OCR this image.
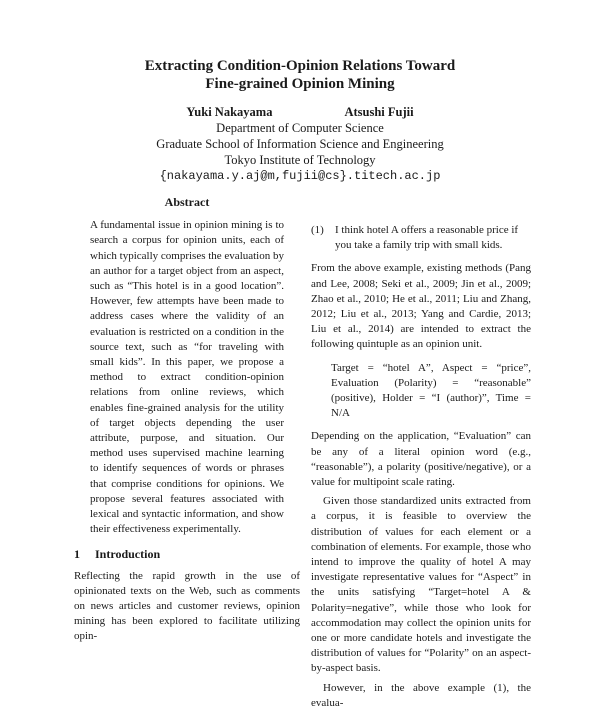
Extracting Condition-Opinion Relations Toward
Fine-grained Opinion Mining
Yuki Nakayama	Atsushi Fujii
Department of Computer Science
Graduate School of Information Science and Engineering
Tokyo Institute of Technology
{nakayama.y.aj@m,fujii@cs}.titech.ac.jp
Abstract

A fundamental issue in opinion mining is to search a corpus for opinion units, each of which typically comprises the evaluation by an author for a target object from an aspect, such as “This hotel is in a good location”. However, few attempts have been made to address cases where the validity of an evaluation is restricted on a condition in the source text, such as “for traveling with small kids”. In this paper, we propose a method to extract condition-opinion relations from online reviews, which enables fine-grained analysis for the utility of target objects depending the user attribute, purpose, and situation. Our method uses supervised machine learning to identify sequences of words or phrases that comprise conditions for opinions. We propose several features associated with lexical and syntactic information, and show their effectiveness experimentally.

1 Introduction

Reflecting the rapid growth in the use of opinionated texts on the Web, such as comments on news articles and customer reviews, opinion mining has been explored to facilitate utilizing opin-

(1)	I think hotel A offers a reasonable price if you take a family trip with small kids.

From the above example, existing methods (Pang and Lee, 2008; Seki et al., 2009; Jin et al., 2009; Zhao et al., 2010; He et al., 2011; Liu and Zhang, 2012; Liu et al., 2013; Yang and Cardie, 2013; Liu et al., 2014) are intended to extract the following quintuple as an opinion unit.

Target = “hotel A”, Aspect = “price”, Evaluation (Polarity) = “reasonable” (positive), Holder = “I (author)”, Time = N/A

Depending on the application, “Evaluation” can be any of a literal opinion word (e.g., “reasonable”), a polarity (positive/negative), or a value for multipoint scale rating.

Given those standardized units extracted from a corpus, it is feasible to overview the distribution of values for each element or a combination of elements. For example, those who intend to improve the quality of hotel A may investigate representative values for “Aspect” in the units satisfying “Target=hotel A & Polarity=negative”, while those who look for accommodation may collect the opinion units for one or more candidate hotels and investigate the distribution of values for “Polarity” on an aspect-by-aspect basis.

However, in the above example (1), the evalua-
